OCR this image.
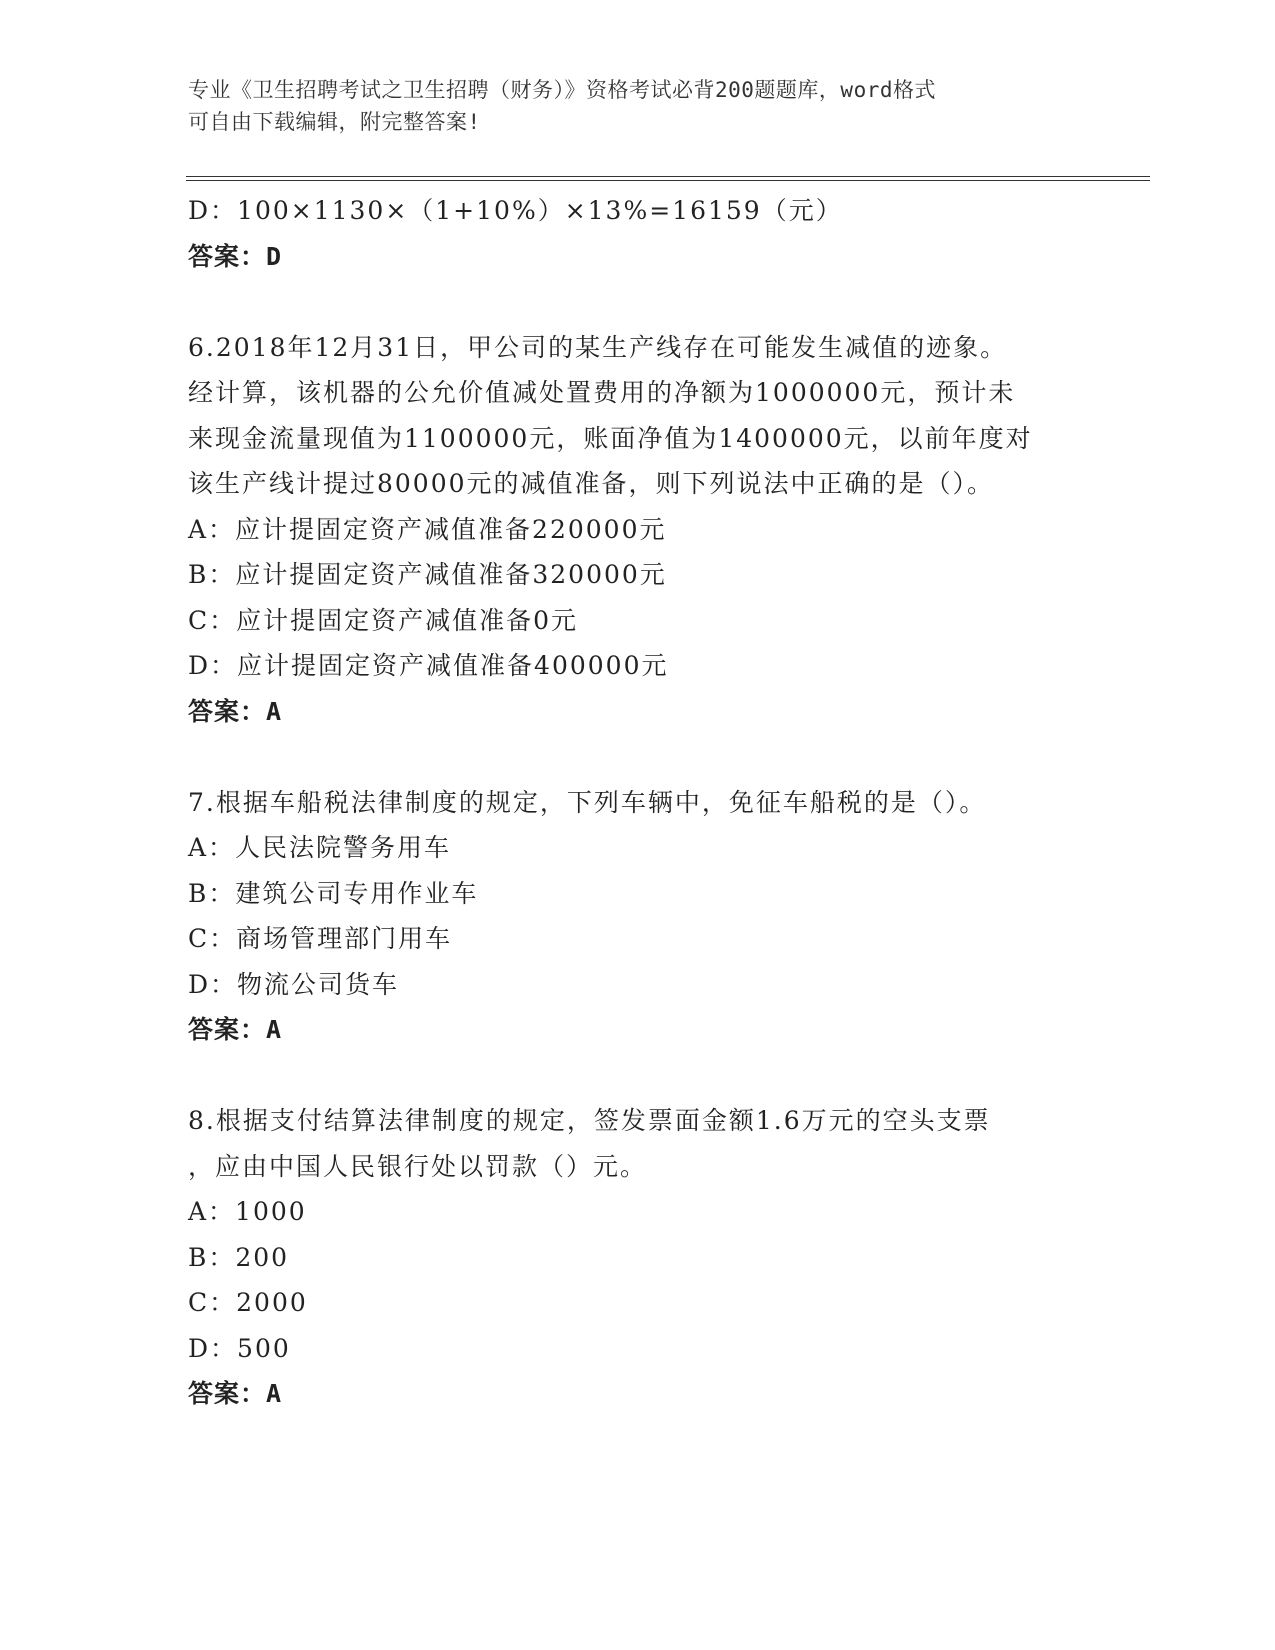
专业《卫生招聘考试之卫生招聘（财务）》资格考试必背200题题库，word格式
可自由下载编辑，附完整答案!
D：100×1130×（1+10%）×13%=16159（元）
答案：D
6.2018年12月31日，甲公司的某生产线存在可能发生减值的迹象。
经计算，该机器的公允价值减处置费用的净额为1000000元，预计未
来现金流量现值为1100000元，账面净值为1400000元，以前年度对
该生产线计提过80000元的减值准备，则下列说法中正确的是（）。
A：应计提固定资产减值准备220000元
B：应计提固定资产减值准备320000元
C：应计提固定资产减值准备0元
D：应计提固定资产减值准备400000元
答案：A
7.根据车船税法律制度的规定，下列车辆中，免征车船税的是（）。
A：人民法院警务用车
B：建筑公司专用作业车
C：商场管理部门用车
D：物流公司货车
答案：A
8.根据支付结算法律制度的规定，签发票面金额1.6万元的空头支票
，应由中国人民银行处以罚款（）元。
A：1000
B：200
C：2000
D：500
答案：A
